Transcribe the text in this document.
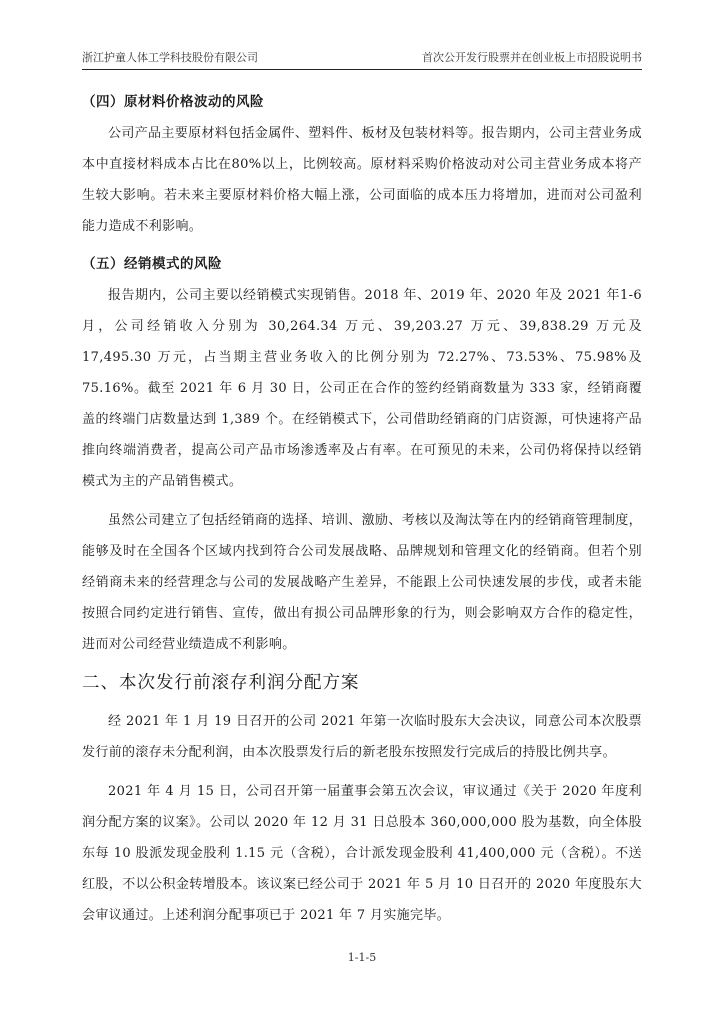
浙江护童人体工学科技股份有限公司	首次公开发行股票并在创业板上市招股说明书
（四）原材料价格波动的风险

公司产品主要原材料包括金属件、塑料件、板材及包装材料等。报告期内，公司主营业务成本中直接材料成本占比在80%以上，比例较高。原材料采购价格波动对公司主营业务成本将产生较大影响。若未来主要原材料价格大幅上涨，公司面临的成本压力将增加，进而对公司盈利能力造成不利影响。

（五）经销模式的风险

报告期内，公司主要以经销模式实现销售。2018 年、2019 年、2020 年及 2021 年1-6 月，公司经销收入分别为 30,264.34 万元、39,203.27 万元、39,838.29 万元及 17,495.30 万元，占当期主营业务收入的比例分别为 72.27%、73.53%、75.98%及 75.16%。截至 2021 年 6 月 30 日，公司正在合作的签约经销商数量为 333 家，经销商覆盖的终端门店数量达到 1,389 个。在经销模式下，公司借助经销商的门店资源，可快速将产品推向终端消费者，提高公司产品市场渗透率及占有率。在可预见的未来，公司仍将保持以经销模式为主的产品销售模式。

虽然公司建立了包括经销商的选择、培训、激励、考核以及淘汰等在内的经销商管理制度，能够及时在全国各个区域内找到符合公司发展战略、品牌规划和管理文化的经销商。但若个别经销商未来的经营理念与公司的发展战略产生差异，不能跟上公司快速发展的步伐，或者未能按照合同约定进行销售、宣传，做出有损公司品牌形象的行为，则会影响双方合作的稳定性，进而对公司经营业绩造成不利影响。

二、本次发行前滚存利润分配方案

经 2021 年 1 月 19 日召开的公司 2021 年第一次临时股东大会决议，同意公司本次股票发行前的滚存未分配利润，由本次股票发行后的新老股东按照发行完成后的持股比例共享。

2021 年 4 月 15 日，公司召开第一届董事会第五次会议，审议通过《关于 2020 年度利润分配方案的议案》。公司以 2020 年 12 月 31 日总股本 360,000,000 股为基数，向全体股东每 10 股派发现金股利 1.15 元（含税），合计派发现金股利 41,400,000 元（含税）。不送红股，不以公积金转增股本。该议案已经公司于 2021 年 5 月 10 日召开的 2020 年度股东大会审议通过。上述利润分配事项已于 2021 年 7 月实施完毕。

1-1-5
